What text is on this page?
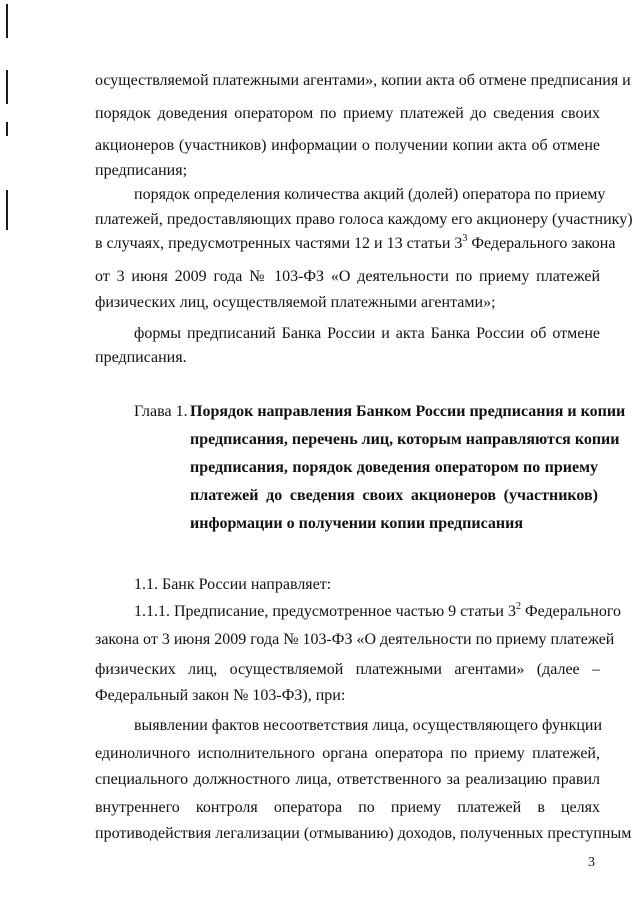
осуществляемой платежными агентами», копии акта об отмене предписания и
порядок доведения оператором по приему платежей до сведения своих
акционеров (участников) информации о получении копии акта об отмене
предписания;
порядок определения количества акций (долей) оператора по приему
платежей, предоставляющих право голоса каждому его акционеру (участнику)
в случаях, предусмотренных частями 12 и 13 статьи $3^3$ Федерального закона
от 3 июня 2009 года № 103-ФЗ «О деятельности по приему платежей
физических лиц, осуществляемой платежными агентами»;
формы предписаний Банка России и акта Банка России об отмене
предписания.
Глава 1. Порядок направления Банком России предписания и копии
предписания, перечень лиц, которым направляются копии
предписания, порядок доведения оператором по приему
платежей до сведения своих акционеров (участников)
информации о получении копии предписания
1.1. Банк России направляет:
1.1.1. Предписание, предусмотренное частью 9 статьи $3^2$ Федерального
закона от 3 июня 2009 года № 103-ФЗ «О деятельности по приему платежей
физических лиц, осуществляемой платежными агентами» (далее –
Федеральный закон № 103-ФЗ), при:
выявлении фактов несоответствия лица, осуществляющего функции
единоличного исполнительного органа оператора по приему платежей,
специального должностного лица, ответственного за реализацию правил
внутреннего контроля оператора по приему платежей в целях
противодействия легализации (отмыванию) доходов, полученных преступным
3
